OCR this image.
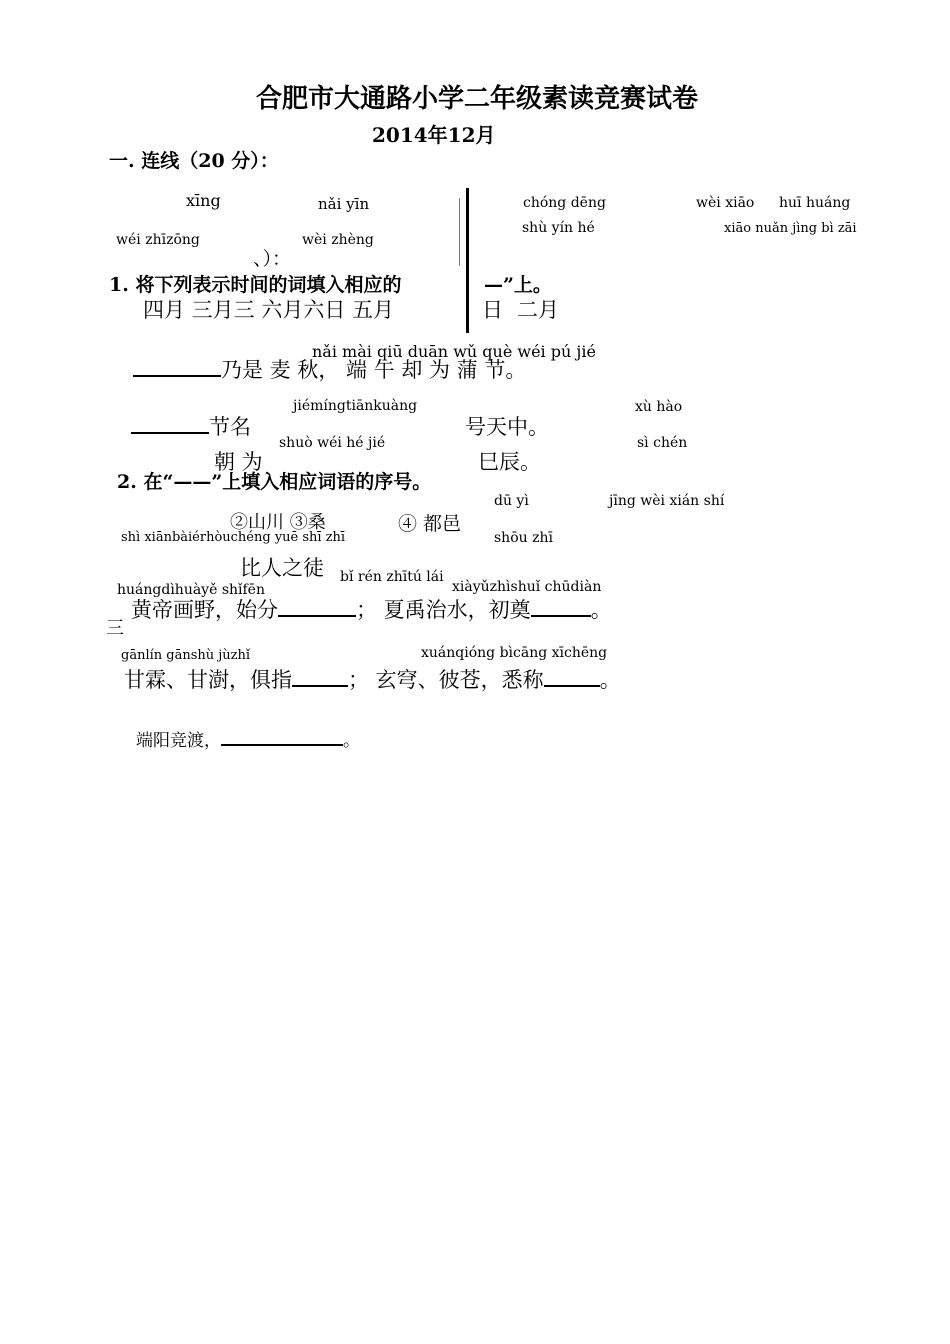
合肥市大通路小学二年级素读竞赛试卷
2014年12月
一. 连线（20 分）：
xīng	nǎi yīn
wéi zhīzōng	wèi zhèng
chóng dēng	wèi xiāo huī huáng
shù yín hé	xiāo nuǎn jìng bì zāi
、）：
1. 将下列表示时间的词填入相应的	—”上。
四月 三月三 六月六日 五月	日 二月
nǎi mài qiū duān wǔ què wéi pú jié
乃是 麦 秋， 端 午 却 为 蒲 节。
jiémíngtiānkuàng	xù hào
节名	号天中。
shuò wéi hé jié	sì chén
朝 为	巳辰。
2. 在“——”上填入相应词语的序号。
dū yì	jīng wèi xián shí
②山川 ③桑	④ 都邑
shì xiānbàiérhòuchéng yuē shī zhī	shōu zhī
比人之徒 bǐ rén zhītú lái
huángdìhuàyě shǐfēn	xiàyǔzhìshuǐ chūdiàn
三
黄帝画野，始分	； 夏禹治水，初奠	。
gānlín gānshù jùzhǐ	xuánqióng bìcāng xīchēng
甘霖、甘澍，俱指	； 玄穹、彼苍，悉称	。
端阳竞渡，	。
